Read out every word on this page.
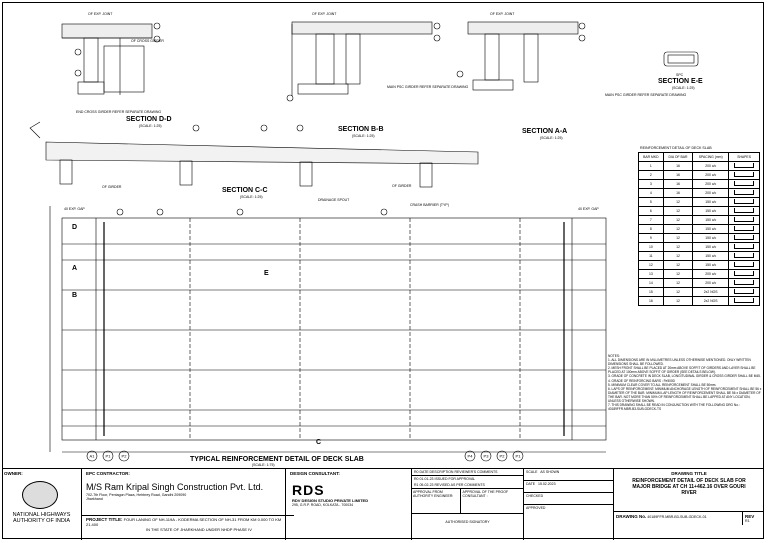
SECTION D-D
SECTION B-B	SECTION A-A
SECTION E-E
SECTION C-C
TYPICAL REINFORCEMENT DETAIL OF DECK SLAB
(SCALE: 1:25)
(SCALE: 1:25)	(SCALE: 1:25)
(SCALE: 1:25)
(SCALE: 1:25)
(SCALE: 1:75)
OF EXP. JOINT
OF CROSS GIRDER
END CROSS GIRDER REFER SEPARATE DRAWING
MAIN PSC GIRDER REFER SEPARATE DRAWING
MAIN PSC GIRDER REFER SEPARATE DRAWING
OF EXP. JOINT	OF EXP. JOINT
OF GIRDER	OF GIRDER
DRAINAGE SPOUT
CRASH BARRIER (TYP)
40 EXP. GAP	40 EXP. GAP
SPC
D
A
B
C
E
A1	P1	P2	P4	P3	P2	P1
REINFORCEMENT DETAIL OF DECK SLAB
BAR MKD	DIA OF BAR	SPACING (mm)	SHAPES
1	16	200 c/c	
2	16	200 c/c	
3	16	200 c/c	
4	16	200 c/c	
5	12	150 c/c	
6	12	150 c/c	
7	12	150 c/c	
8	12	150 c/c	
9	12	150 c/c	
10	12	150 c/c	
11	12	150 c/c	
12	12	150 c/c	
13	12	200 c/c	
14	12	200 c/c	
15	12	2x2 NOS	
16	12	2x2 NOS	

NOTES:

1. ALL DIMENSIONS ARE IN MILLIMETRES UNLESS OTHERWISE MENTIONED. ONLY WRITTEN DIMENSIONS SHALL BE FOLLOWED.

2. MESH FRONT SHALL BE PLACED AT 20mm ABOVE SOFFIT OF GIRDERS AND LAYER SHALL BE PLACED AT 100mm ABOVE SOFFIT OF GIRDER (SEE DETAILS BELOW).

3. GRADE OF CONCRETE IN DECK SLAB, LONGITUDINAL GIRDER & CROSS GIRDER SHALL BE M45.

4. GRADE OF REINFORCING BARS : Fe500D

5. MINIMUM CLEAR COVER TO ALL REINFORCEMENT SHALL BE 50mm.

6. LAPS OF REINFORCEMENT: MINIMUM ANCHORAGE LENGTH OF REINFORCEMENT SHALL BE 56 x DIAMETER OF THE BAR. MINIMUM LAP LENGTH OF REINFORCEMENT SHALL BE 56 x DIAMETER OF THE BAR. NOT MORE THAN 50% OF REINFORCEMENT SHALL BE LAPPED AT ANY LOCATION, UNLESS OTHERWISE SHOWN.

7. THIS DRAWING SHALL BE READ IN CONJUNCTION WITH THE FOLLOWING DRG No.: 40189FFR.MBR-B3-SUB-GDECK-TS

OWNER:
NATIONAL HIGHWAYS AUTHORITY OF INDIA
EPC CONTRACTOR:
M/S Ram Kripal Singh Construction Pvt. Ltd.
702-7th Floor, Pentagon Plaza, Hehbrey Road, Gandhi 209090 Jharkhand
PROJECT TITLE: FOUR LANING OF NH-119A - KODERMA SECTION OF NH-31 FROM KM 0.000 TO KM 21.400
IN THE STATE OF JHARKHAND UNDER NHDP PHASE IV
DESIGN CONSULTANT:
RDS
RDV DESIGN STUDIO PRIVATE LIMITED
295, G.R.P. ROAD, KOLKATA - 700034
R0 DATE DESCRIPTION REVIEWER'S COMMENTS
R0 01-01-23 ISSUED FOR APPROVAL
R1 05-02-23 REVISED AS PER COMMENTS
APPROVAL FROM AUTHORITY ENGINEER:
APPROVAL OF THE PROOF CONSULTANT :
AUTHORISED SIGNATORY
SCALE AS SHOWN
DATE 15.02.2023
CHECKED
APPROVED
DRAWING TITLE
REINFORCEMENT DETAIL OF DECK SLAB FOR MAJOR BRIDGE AT CH 11+462.16 OVER GOURI RIVER
DRAWING No. 40189FFR.MBR-B3-SUB-GDECK-01	REV
R1
